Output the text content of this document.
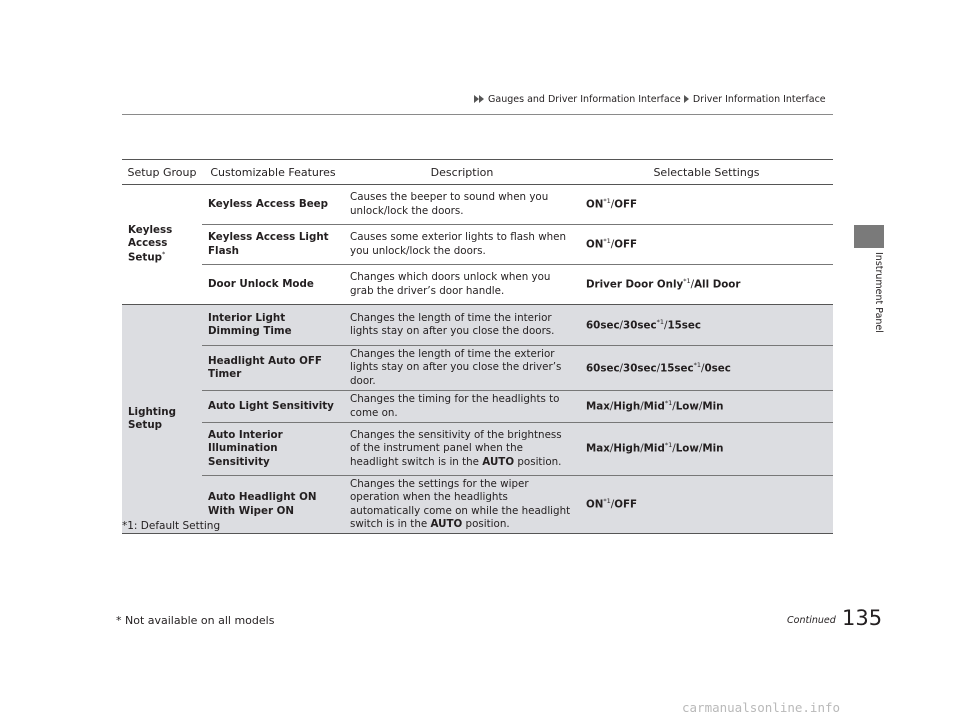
Gauges and Driver Information Interface Driver Information Interface
Instrument Panel
Setup Group	Customizable Features	Description	Selectable Settings
Keyless Access Setup*	Keyless Access Beep	Causes the beeper to sound when you unlock/lock the doors.	ON$^{*1}$/OFF
	Keyless Access Light Flash	Causes some exterior lights to flash when you unlock/lock the doors.	ON$^{*1}$/OFF
	Door Unlock Mode	Changes which doors unlock when you grab the driver’s door handle.	Driver Door Only$^{*1}$/All Door
Lighting Setup	Interior Light Dimming Time	Changes the length of time the interior lights stay on after you close the doors.	$60\sec/30\sec^{*1}/15\sec$
	Headlight Auto OFF Timer	Changes the length of time the exterior lights stay on after you close the driver’s door.	$60\sec/30\sec/15\sec^{*1}/0\sec$
	Auto Light Sensitivity	Changes the timing for the headlights to come on.	Max/High/Mid$^{*1}$/Low/Min
	Auto Interior Illumination Sensitivity	Changes the sensitivity of the brightness of the instrument panel when the headlight switch is in the AUTO position.	Max/High/Mid$^{*1}$/Low/Min
	Auto Headlight ON With Wiper ON	Changes the settings for the wiper operation when the headlights automatically come on while the headlight switch is in the AUTO position.	ON$^{*1}$/OFF
*1: Default Setting
* Not available on all models	Continued 135
carmanualsonline.info
